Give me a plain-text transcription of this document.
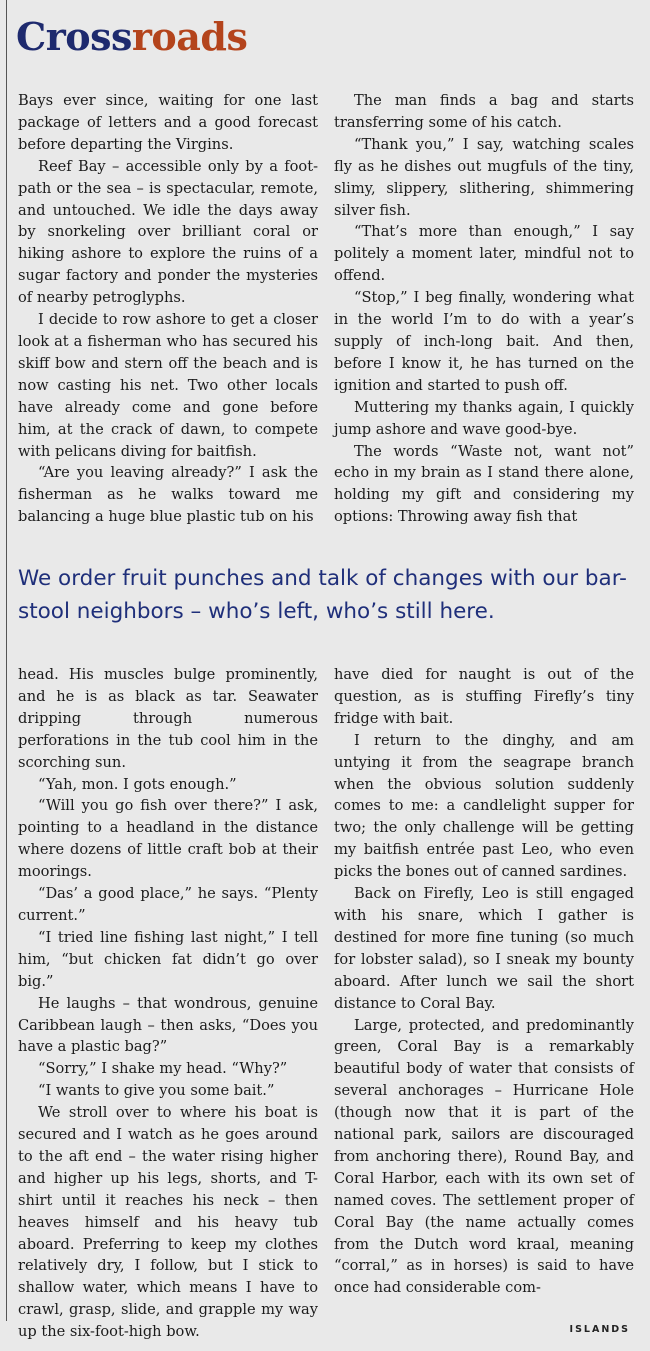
Crossroads

Bays ever since, waiting for one last package of letters and a good forecast before departing the Virgins.

Reef Bay – accessible only by a foot-path or the sea – is spectacular, remote, and untouched. We idle the days away by snorkeling over brilliant coral or hiking ashore to explore the ruins of a sugar factory and ponder the mysteries of nearby petroglyphs.

I decide to row ashore to get a closer look at a fisherman who has secured his skiff bow and stern off the beach and is now casting his net. Two other locals have already come and gone before him, at the crack of dawn, to compete with pelicans diving for baitfish.

“Are you leaving already?” I ask the fisherman as he walks toward me balancing a huge blue plastic tub on his

The man finds a bag and starts transferring some of his catch.

“Thank you,” I say, watching scales fly as he dishes out mugfuls of the tiny, slimy, slippery, slithering, shimmering silver fish.

“That’s more than enough,” I say politely a moment later, mindful not to offend.

“Stop,” I beg finally, wondering what in the world I’m to do with a year’s supply of inch-long bait. And then, before I know it, he has turned on the ignition and started to push off.

Muttering my thanks again, I quickly jump ashore and wave good-bye.

The words “Waste not, want not” echo in my brain as I stand there alone, holding my gift and considering my options: Throwing away fish that

We order fruit punches and talk of changes with our bar-stool neighbors – who’s left, who’s still here.

head. His muscles bulge prominently, and he is as black as tar. Seawater dripping through numerous perforations in the tub cool him in the scorching sun.

“Yah, mon. I gots enough.”

“Will you go fish over there?” I ask, pointing to a headland in the distance where dozens of little craft bob at their moorings.

“Das’ a good place,” he says. “Plenty current.”

“I tried line fishing last night,” I tell him, “but chicken fat didn’t go over big.”

He laughs – that wondrous, genuine Caribbean laugh – then asks, “Does you have a plastic bag?”

“Sorry,” I shake my head. “Why?”

“I wants to give you some bait.”

We stroll over to where his boat is secured and I watch as he goes around to the aft end – the water rising higher and higher up his legs, shorts, and T-shirt until it reaches his neck – then heaves himself and his heavy tub aboard. Preferring to keep my clothes relatively dry, I follow, but I stick to shallow water, which means I have to crawl, grasp, slide, and grapple my way up the six-foot-high bow.

have died for naught is out of the question, as is stuffing Firefly’s tiny fridge with bait.

I return to the dinghy, and am untying it from the seagrape branch when the obvious solution suddenly comes to me: a candlelight supper for two; the only challenge will be getting my baitfish entrée past Leo, who even picks the bones out of canned sardines.

Back on Firefly, Leo is still engaged with his snare, which I gather is destined for more fine tuning (so much for lobster salad), so I sneak my bounty aboard. After lunch we sail the short distance to Coral Bay.

Large, protected, and predominantly green, Coral Bay is a remarkably beautiful body of water that consists of several anchorages – Hurricane Hole (though now that it is part of the national park, sailors are discouraged from anchoring there), Round Bay, and Coral Harbor, each with its own set of named coves. The settlement proper of Coral Bay (the name actually comes from the Dutch word kraal, meaning “corral,” as in horses) is said to have once had considerable com-

ISLANDS
